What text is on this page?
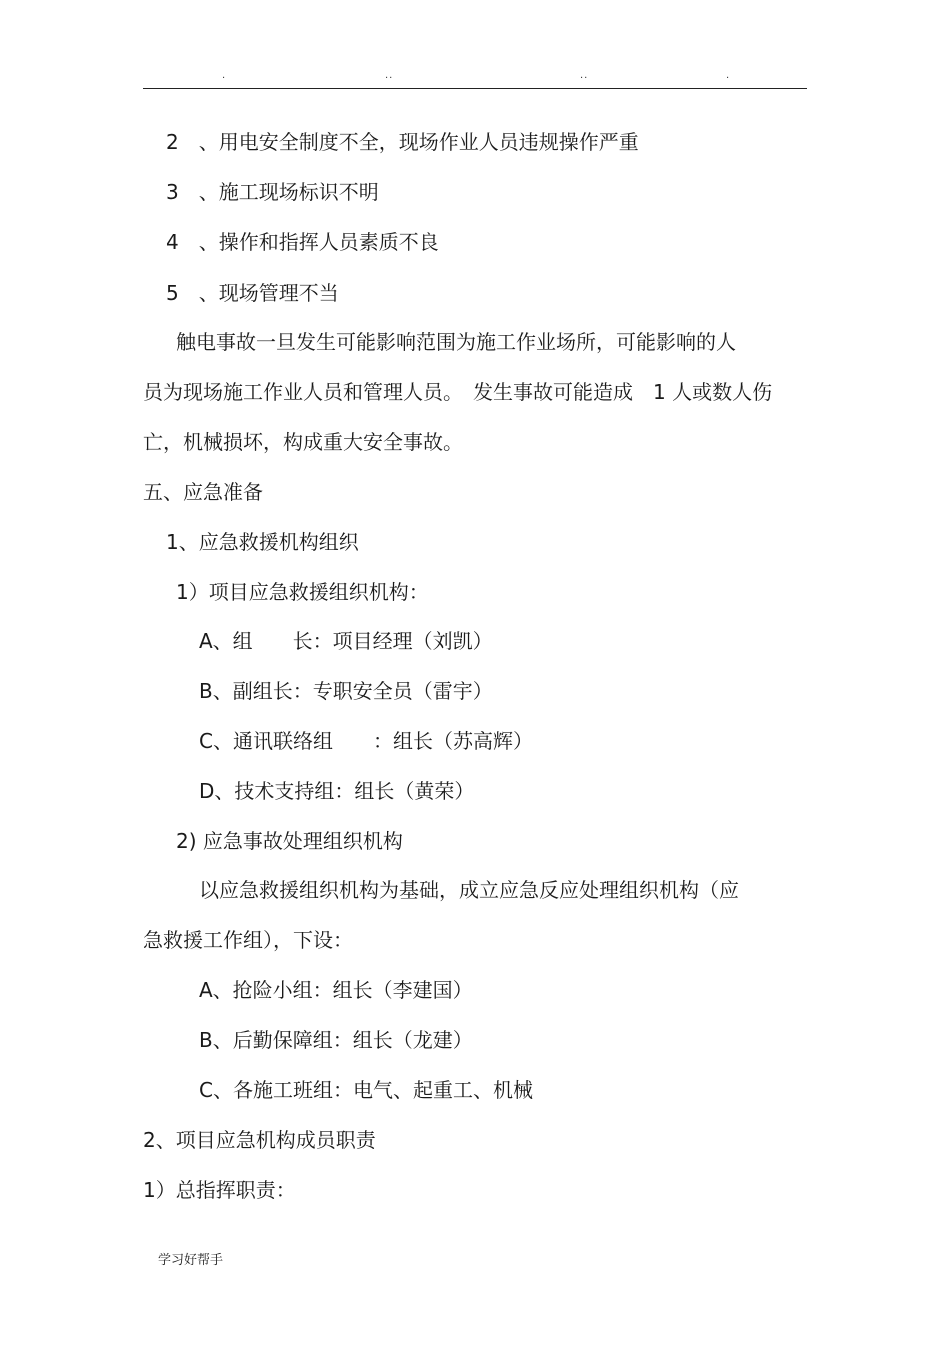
.	..	..	.
2　、用电安全制度不全，现场作业人员违规操作严重
3　、施工现场标识不明
4　、操作和指挥人员素质不良
5　、现场管理不当
触电事故一旦发生可能影响范围为施工作业场所，可能影响的人
员为现场施工作业人员和管理人员。　发生事故可能造成　1 人或数人伤
亡，机械损坏，构成重大安全事故。
五、应急准备
1、应急救援机构组织
1）项目应急救援组织机构：
A、组　　长：项目经理（刘凯）
B、副组长：专职安全员（雷宇）
C、通讯联络组　　：组长（苏高辉）
D、技术支持组：组长（黄荣）
2) 应急事故处理组织机构
以应急救援组织机构为基础，成立应急反应处理组织机构（应
急救援工作组），下设：
A、抢险小组：组长（李建国）
B、后勤保障组：组长（龙建）
C、各施工班组：电气、起重工、机械
2、项目应急机构成员职责
1）总指挥职责：
学习好帮手
